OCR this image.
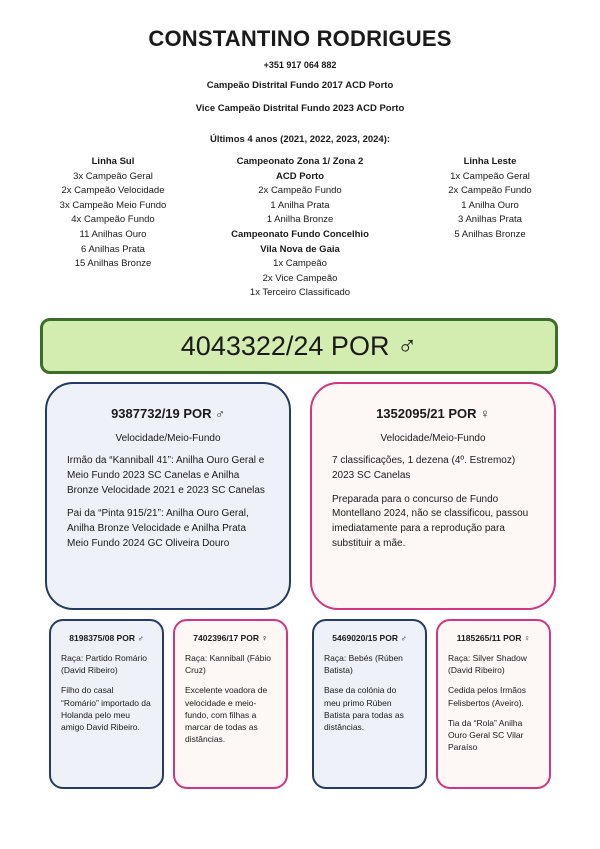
CONSTANTINO RODRIGUES
+351 917 064 882
Campeão Distrital Fundo 2017 ACD Porto
Vice Campeão Distrital Fundo 2023 ACD Porto
Últimos 4 anos (2021, 2022, 2023, 2024):
Linha Sul
3x Campeão Geral
2x Campeão Velocidade
3x Campeão Meio Fundo
4x Campeão Fundo
11 Anilhas Ouro
6 Anilhas Prata
15 Anilhas Bronze
Campeonato Zona 1/ Zona 2
ACD Porto
2x Campeão Fundo
1 Anilha Prata
1 Anilha Bronze
Campeonato Fundo Concelhio
Vila Nova de Gaia
1x Campeão
2x Vice Campeão
1x Terceiro Classificado
Linha Leste
1x Campeão Geral
2x Campeão Fundo
1 Anilha Ouro
3 Anilhas Prata
5 Anilhas Bronze
4043322/24 POR ♂
9387732/19 POR ♂
Velocidade/Meio-Fundo
Irmão da “Kanniball 41”: Anilha Ouro Geral e Meio Fundo 2023 SC Canelas e Anilha Bronze Velocidade 2021 e 2023 SC Canelas
Pai da “Pinta 915/21”: Anilha Ouro Geral, Anilha Bronze Velocidade e Anilha Prata Meio Fundo 2024 GC Oliveira Douro
1352095/21 POR ♀
Velocidade/Meio-Fundo
7 classificações, 1 dezena (4º. Estremoz) 2023 SC Canelas
Preparada para o concurso de Fundo Montellano 2024, não se classificou, passou imediatamente para a reprodução para substituir a mãe.
8198375/08 POR ♂
Raça: Partido Romário (David Ribeiro)
Filho do casal “Romário” importado da Holanda pelo meu amigo David Ribeiro.
7402396/17 POR ♀
Raça: Kanniball (Fábio Cruz)
Excelente voadora de velocidade e meio-fundo, com filhas a marcar de todas as distâncias.
5469020/15 POR ♂
Raça: Bebés (Rúben Batista)
Base da colónia do meu primo Rúben Batista para todas as distâncias.
1185265/11 POR ♀
Raça: Silver Shadow (David Ribeiro)
Cedida pelos Irmãos Felisbertos (Aveiro).
Tia da “Rola” Anilha Ouro Geral SC Vilar Paraíso
